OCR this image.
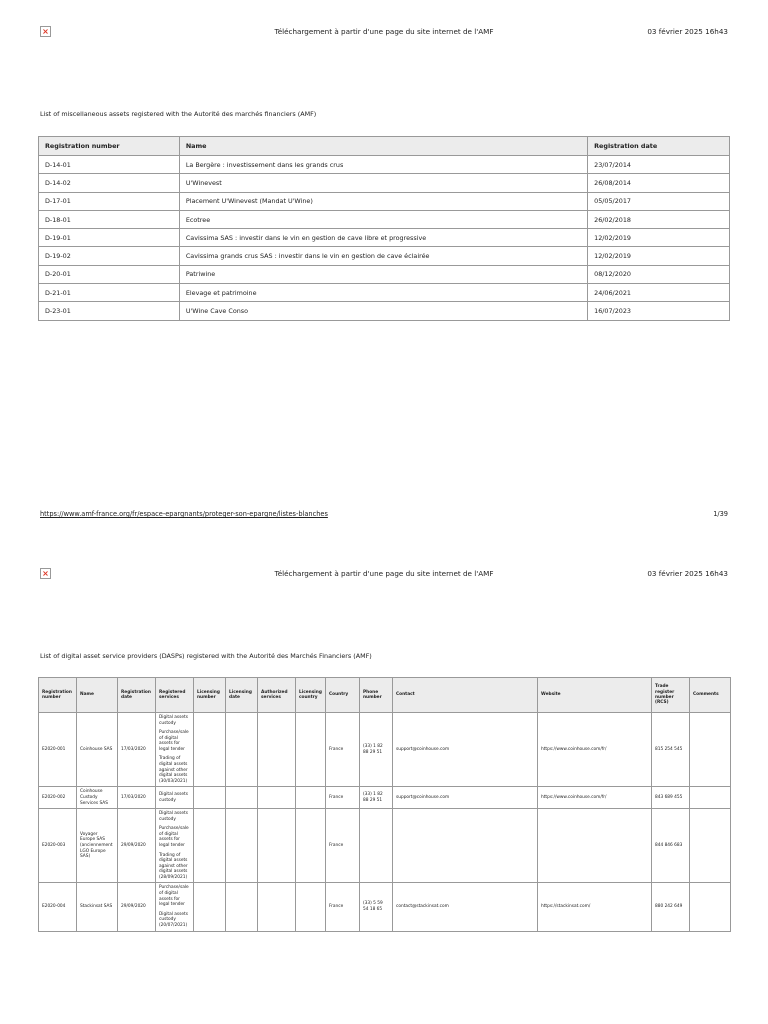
×	Téléchargement à partir d'une page du site internet de l'AMF	03 février 2025 16h43
List of miscellaneous assets registered with the Autorité des marchés financiers (AMF)
Registration number	Name	Registration date
D-14-01	La Bergère : investissement dans les grands crus	23/07/2014
D-14-02	U'Winevest	26/08/2014
D-17-01	Placement U'Winevest (Mandat U'Wine)	05/05/2017
D-18-01	Ecotree	26/02/2018
D-19-01	Cavissima SAS : investir dans le vin en gestion de cave libre et progressive	12/02/2019
D-19-02	Cavissima grands crus SAS : investir dans le vin en gestion de cave éclairée	12/02/2019
D-20-01	Patriwine	08/12/2020
D-21-01	Elevage et patrimoine	24/06/2021
D-23-01	U'Wine Cave Conso	16/07/2023
https://www.amf-france.org/fr/espace-epargnants/proteger-son-epargne/listes-blanches	1/39
×	Téléchargement à partir d'une page du site internet de l'AMF	03 février 2025 16h43
List of digital asset service providers (DASPs) registered with the Autorité des Marchés Financiers (AMF)
Registration number	Name	Registration date	Registered services	Licensing number	Licensing date	Authorized services	Licensing country	Country	Phone number	Contact	Website	Trade register number (RCS)	Comments
E2020-001	Coinhouse SAS	17/03/2020	Digital assets custody
Purchase/sale of digital assets for legal tender
Trading of digital assets against other digital assets (30/03/2021)					France	(33) 1 82 88 29 51	support@coinhouse.com	https://www.coinhouse.com/fr/	815 254 545	
E2020-002	Coinhouse Custody Services SAS	17/03/2020	Digital assets custody					France	(33) 1 82 88 29 51	support@coinhouse.com	https://www.coinhouse.com/fr/	843 689 455	
E2020-003	Voyager Europe SAS (anciennement LGO Europe SAS)	29/09/2020	Digital assets custody
Purchase/sale of digital assets for legal tender
Trading of digital assets against other digital assets (28/09/2021)					France				844 846 683	
E2020-004	Stackinsat SAS	29/09/2020	Purchase/sale of digital assets for legal tender
Digital assets custody (20/07/2021)					France	(33) 5 59 54 18 65	contact@stackinsat.com	https://stackinsat.com/	880 242 649	
